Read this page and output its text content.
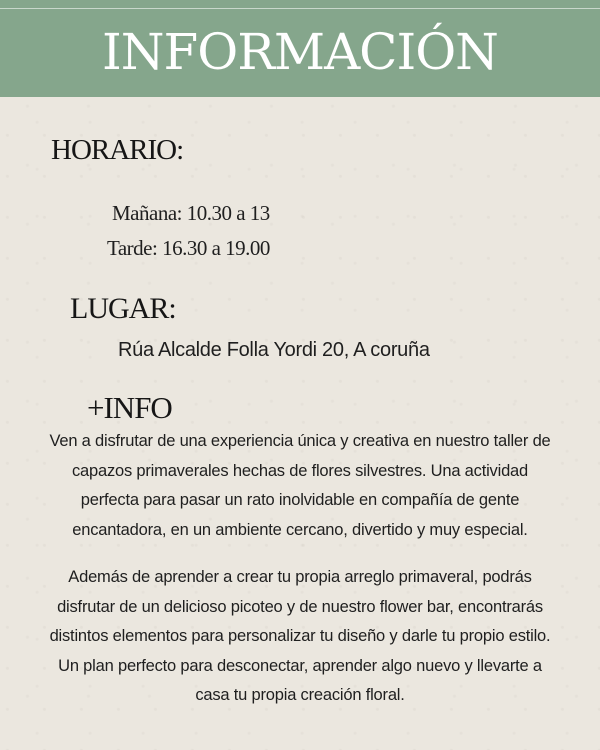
INFORMACIÓN
HORARIO:
Mañana: 10.30 a 13
Tarde: 16.30 a 19.00
LUGAR:
Rúa Alcalde Folla Yordi 20, A coruña
+INFO
Ven a disfrutar de una experiencia única y creativa en nuestro taller de
capazos primaverales hechas de flores silvestres. Una actividad
perfecta para pasar un rato inolvidable en compañía de gente
encantadora, en un ambiente cercano, divertido y muy especial.
Además de aprender a crear tu propia arreglo primaveral, podrás
disfrutar de un delicioso picoteo y de nuestro flower bar, encontrarás
distintos elementos para personalizar tu diseño y darle tu propio estilo.
Un plan perfecto para desconectar, aprender algo nuevo y llevarte a
casa tu propia creación floral.
